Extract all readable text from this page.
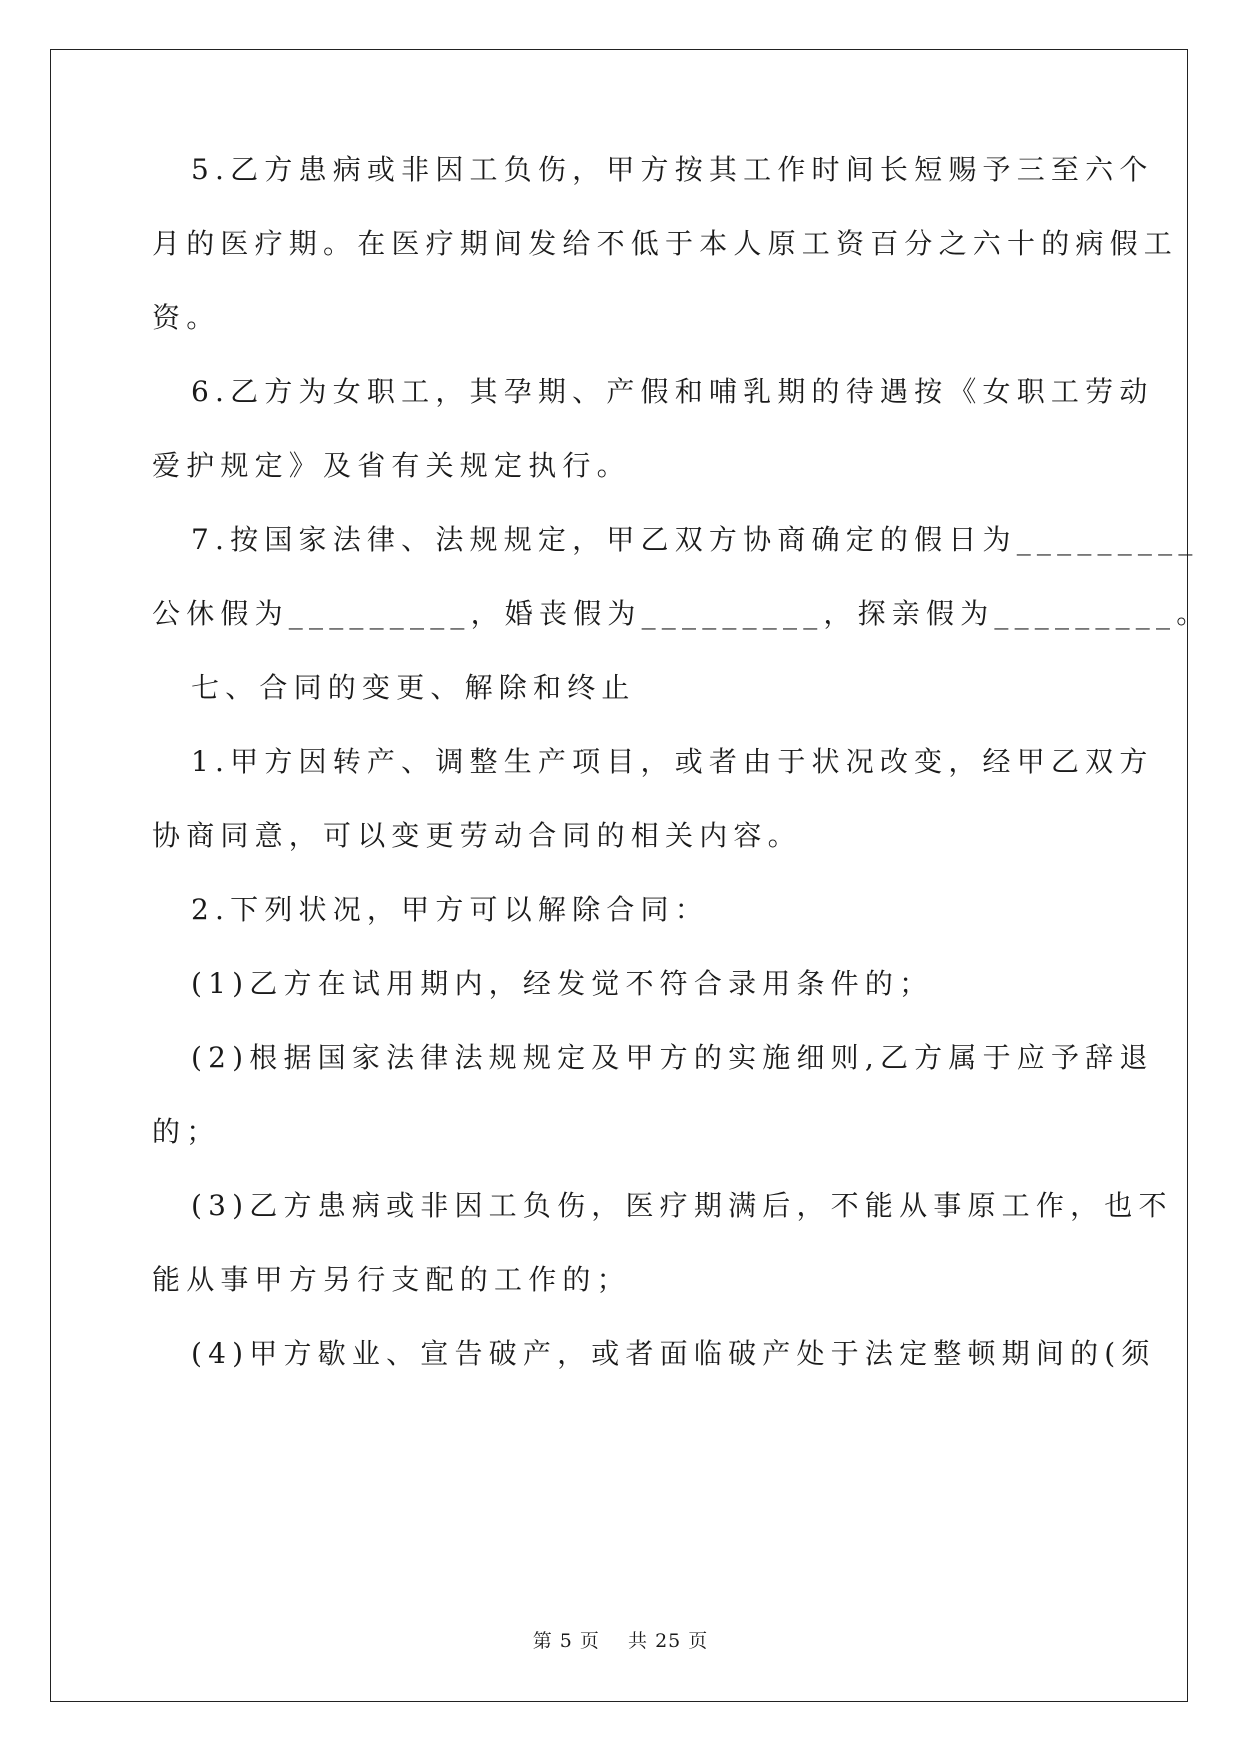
5.乙方患病或非因工负伤，甲方按其工作时间长短赐予三至六个
月的医疗期。在医疗期间发给不低于本人原工资百分之六十的病假工
资。
6.乙方为女职工，其孕期、产假和哺乳期的待遇按《女职工劳动
爱护规定》及省有关规定执行。
7.按国家法律、法规规定，甲乙双方协商确定的假日为_________
公休假为_________，婚丧假为_________，探亲假为_________。
七、合同的变更、解除和终止
1.甲方因转产、调整生产项目，或者由于状况改变，经甲乙双方
协商同意，可以变更劳动合同的相关内容。
2.下列状况，甲方可以解除合同：
(1)乙方在试用期内，经发觉不符合录用条件的；
(2)根据国家法律法规规定及甲方的实施细则,乙方属于应予辞退
的；
(3)乙方患病或非因工负伤，医疗期满后，不能从事原工作，也不
能从事甲方另行支配的工作的；
(4)甲方歇业、宣告破产，或者面临破产处于法定整顿期间的(须
第 5 页    共 25 页
